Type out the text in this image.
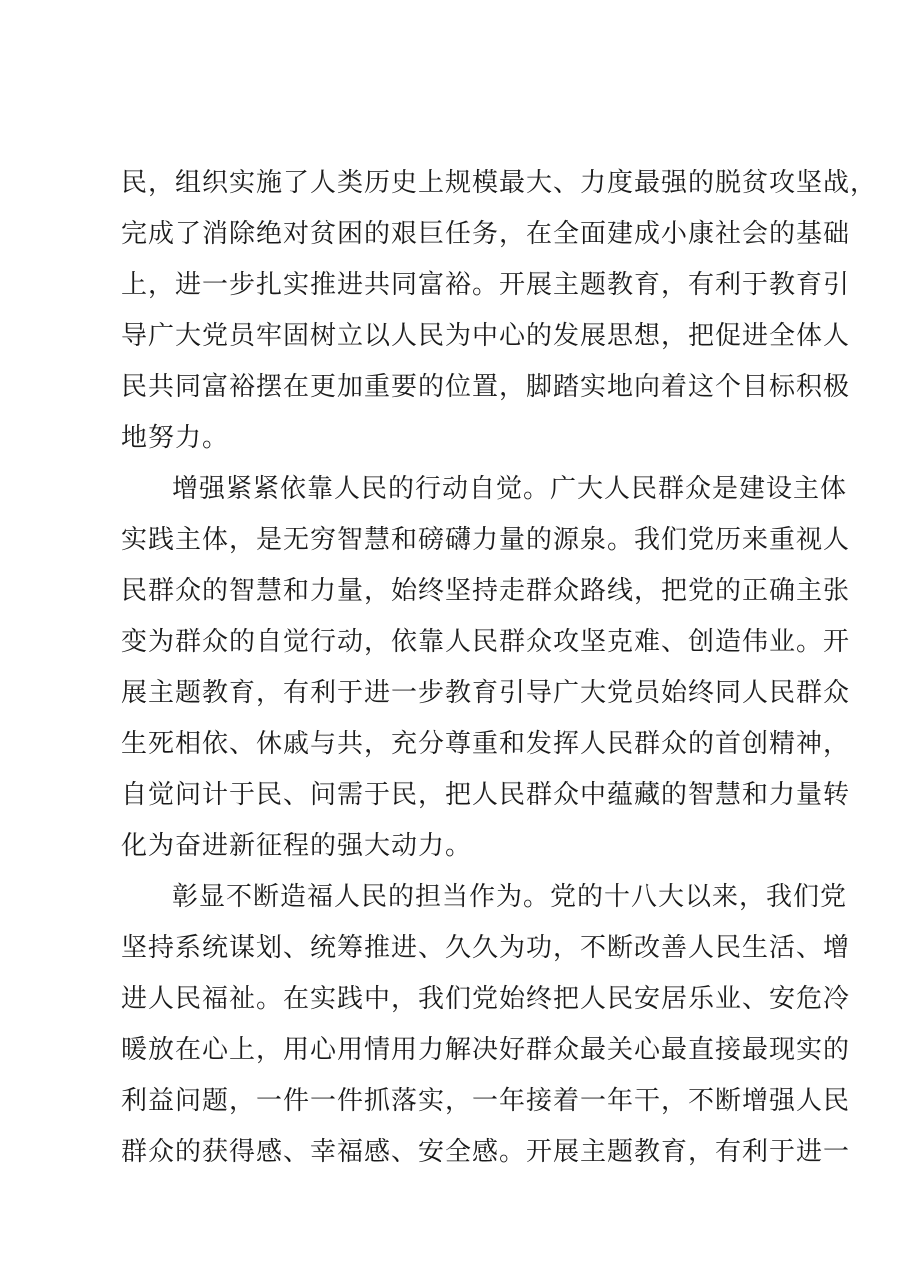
民，组织实施了人类历史上规模最大、力度最强的脱贫攻坚战，
完成了消除绝对贫困的艰巨任务，在全面建成小康社会的基础
上，进一步扎实推进共同富裕。开展主题教育，有利于教育引
导广大党员牢固树立以人民为中心的发展思想，把促进全体人
民共同富裕摆在更加重要的位置，脚踏实地向着这个目标积极
地努力。
增强紧紧依靠人民的行动自觉。广大人民群众是建设主体
实践主体，是无穷智慧和磅礴力量的源泉。我们党历来重视人
民群众的智慧和力量，始终坚持走群众路线，把党的正确主张
变为群众的自觉行动，依靠人民群众攻坚克难、创造伟业。开
展主题教育，有利于进一步教育引导广大党员始终同人民群众
生死相依、休戚与共，充分尊重和发挥人民群众的首创精神，
自觉问计于民、问需于民，把人民群众中蕴藏的智慧和力量转
化为奋进新征程的强大动力。
彰显不断造福人民的担当作为。党的十八大以来，我们党
坚持系统谋划、统筹推进、久久为功，不断改善人民生活、增
进人民福祉。在实践中，我们党始终把人民安居乐业、安危冷
暖放在心上，用心用情用力解决好群众最关心最直接最现实的
利益问题，一件一件抓落实，一年接着一年干，不断增强人民
群众的获得感、幸福感、安全感。开展主题教育，有利于进一
